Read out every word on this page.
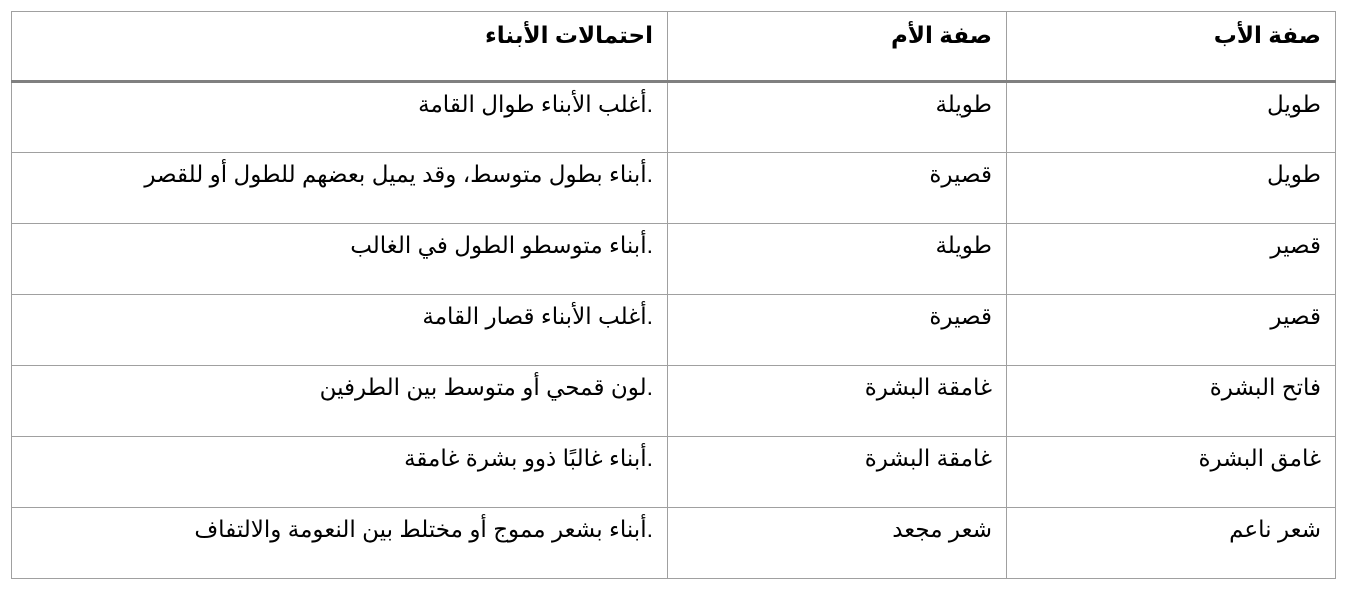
صفة الأب	صفة الأم	احتمالات الأبناء
طويل	طويلة	.أغلب الأبناء طوال القامة
طويل	قصيرة	.أبناء بطول متوسط، وقد يميل بعضهم للطول أو للقصر
قصير	طويلة	.أبناء متوسطو الطول في الغالب
قصير	قصيرة	.أغلب الأبناء قصار القامة
فاتح البشرة	غامقة البشرة	.لون قمحي أو متوسط بين الطرفين
غامق البشرة	غامقة البشرة	.أبناء غالبًا ذوو بشرة غامقة
شعر ناعم	شعر مجعد	.أبناء بشعر مموج أو مختلط بين النعومة والالتفاف
